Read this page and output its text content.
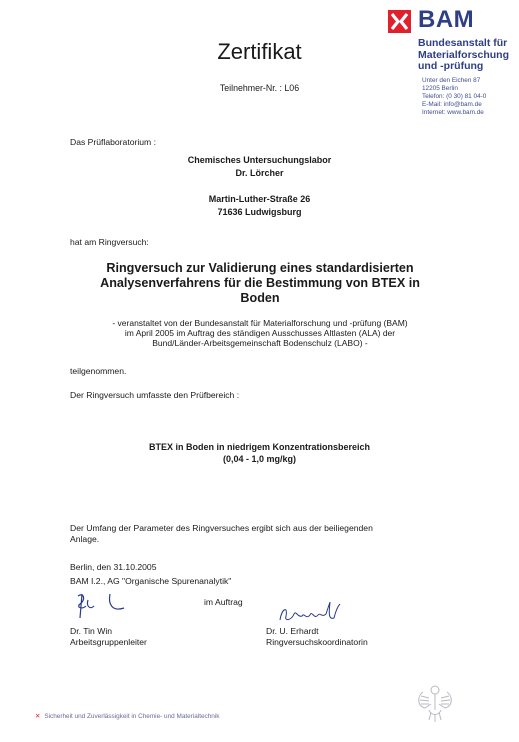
BAM
Bundesanstalt für
Materialforschung
und -prüfung
Unter den Eichen 87
12205 Berlin
Telefon: (0 30) 81 04-0
E-Mail: info@bam.de
Internet: www.bam.de
Zertifikat
Teilnehmer-Nr. : L06
Das Prüflaboratorium :
Chemisches Untersuchungslabor
Dr. Lörcher
Martin-Luther-Straße 26
71636 Ludwigsburg
hat am Ringversuch:
Ringversuch zur Validierung eines standardisierten
Analysenverfahrens für die Bestimmung von BTEX in
Boden
- veranstaltet von der Bundesanstalt für Materialforschung und -prüfung (BAM)
im April 2005 im Auftrag des ständigen Ausschusses Altlasten (ALA) der
Bund/Länder-Arbeitsgemeinschaft Bodenschulz (LABO) -
teilgenommen.
Der Ringversuch umfasste den Prüfbereich :
BTEX in Boden in niedrigem Konzentrationsbereich
(0,04 - 1,0 mg/kg)
Der Umfang der Parameter des Ringversuches ergibt sich aus der beiliegenden
Anlage.
Berlin, den 31.10.2005
BAM I.2., AG "Organische Spurenanalytik"
im Auftrag
Dr. Tin Win
Arbeitsgruppenleiter
Dr. U. Erhardt
Ringversuchskoordinatorin
✕ Sicherheit und Zuverlässigkeit in Chemie- und Materialtechnik
